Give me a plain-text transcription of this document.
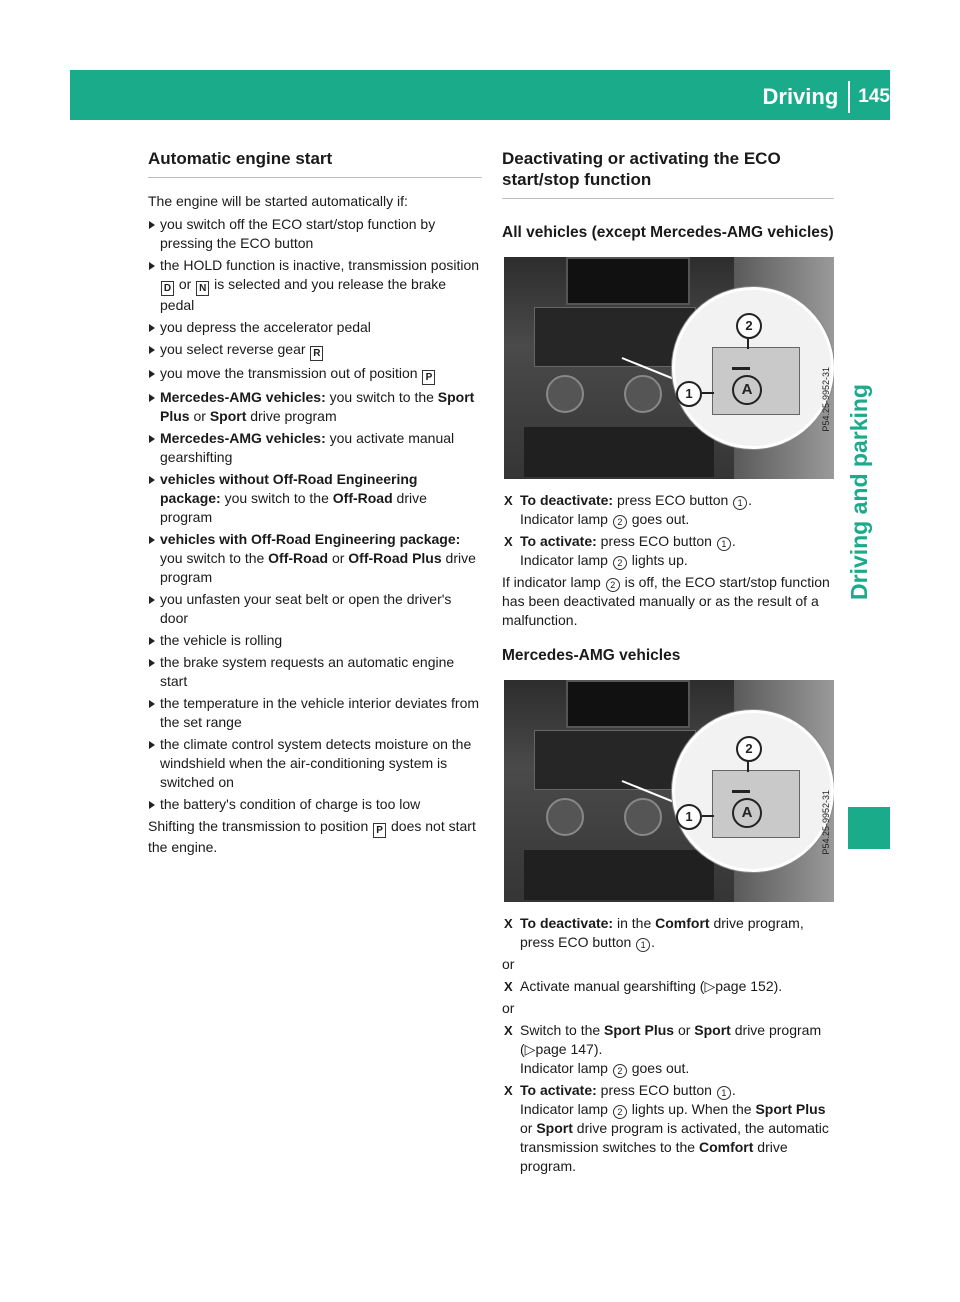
Driving 145
Driving and parking
Automatic engine start

The engine will be started automatically if:

you switch off the ECO start/stop function by pressing the ECO button
the HOLD function is inactive, transmission position D or N is selected and you release the brake pedal
you depress the accelerator pedal
you select reverse gear R
you move the transmission out of position P
Mercedes-AMG vehicles: you switch to the Sport Plus or Sport drive program
Mercedes-AMG vehicles: you activate manual gearshifting
vehicles without Off-Road Engineering package: you switch to the Off-Road drive program
vehicles with Off-Road Engineering package: you switch to the Off-Road or Off-Road Plus drive program
you unfasten your seat belt or open the driver's door
the vehicle is rolling
the brake system requests an automatic engine start
the temperature in the vehicle interior deviates from the set range
the climate control system detects moisture on the windshield when the air-conditioning system is switched on
the battery's condition of charge is too low

Shifting the transmission to position P does not start the engine.

Deactivating or activating the ECO start/stop function
All vehicles (except Mercedes-AMG vehicles)
A
1
2
P54.25-9952-31
X To deactivate: press ECO button 1 .
Indicator lamp 2 goes out.
X To activate: press ECO button 1 .
Indicator lamp 2 lights up.

If indicator lamp 2 is off, the ECO start/stop function has been deactivated manually or as the result of a malfunction.

Mercedes-AMG vehicles
A
1
2
P54.25-9952-31
X To deactivate: in the Comfort drive program, press ECO button 1 .

or

X Activate manual gearshifting (▷page 152).

or

X Switch to the Sport Plus or Sport drive program (▷page 147).
Indicator lamp 2 goes out.
X To activate: press ECO button 1 .
Indicator lamp 2 lights up. When the Sport Plus or Sport drive program is activated, the automatic transmission switches to the Comfort drive program.
